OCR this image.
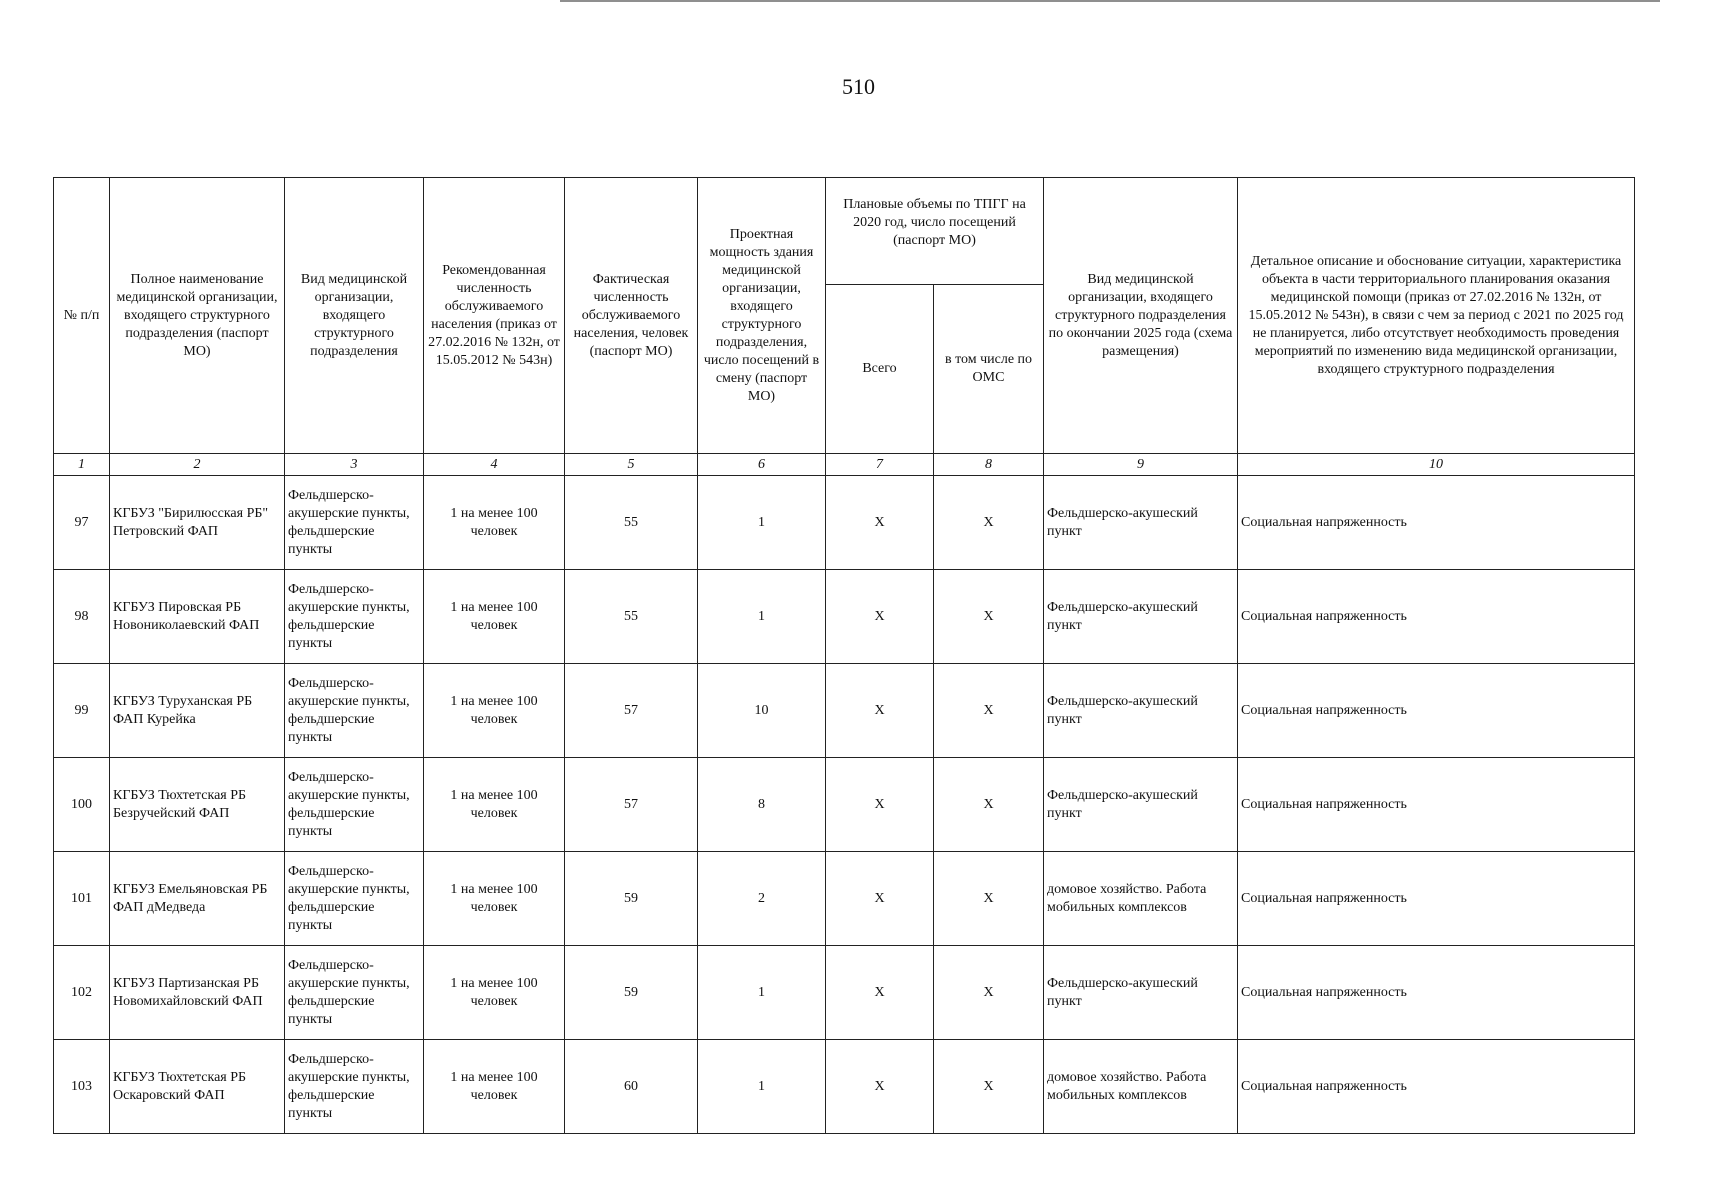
510
№ п/п	Полное наименование медицинской организации, входящего структурного подразделения (паспорт МО)	Вид медицинской организации, входящего структурного подразделения	Рекомендованная численность обслуживаемого населения (приказ от 27.02.2016 № 132н, от 15.05.2012 № 543н)	Фактическая численность обслуживаемого населения, человек (паспорт МО)	Проектная мощность здания медицинской организации, входящего структурного подразделения, число посещений в смену (паспорт МО)	Плановые объемы по ТПГГ на 2020 год, число посещений (паспорт МО)		Вид медицинской организации, входящего структурного подразделения по окончании 2025 года (схема размещения)	Детальное описание и обоснование ситуации, характеристика объекта в части территориального планирования оказания медицинской помощи (приказ от 27.02.2016 № 132н, от 15.05.2012 № 543н), в связи с чем за период с 2021 по 2025 год не планируется, либо отсутствует необходимость проведения мероприятий по изменению вида медицинской организации, входящего структурного подразделения
						Всего	в том числе по ОМС		
1	2	3	4	5	6	7	8	9	10
97	КГБУЗ "Бирилюсская РБ" Петровский ФАП	Фельдшерско-акушерские пункты, фельдшерские пункты	1 на менее 100 человек	55	1	X	X	Фельдшерско-акушеский пункт	Социальная напряженность
98	КГБУЗ Пировская РБ Новониколаевский ФАП	Фельдшерско-акушерские пункты, фельдшерские пункты	1 на менее 100 человек	55	1	X	X	Фельдшерско-акушеский пункт	Социальная напряженность
99	КГБУЗ Туруханская РБ ФАП Курейка	Фельдшерско-акушерские пункты, фельдшерские пункты	1 на менее 100 человек	57	10	X	X	Фельдшерско-акушеский пункт	Социальная напряженность
100	КГБУЗ Тюхтетская РБ Безручейский ФАП	Фельдшерско-акушерские пункты, фельдшерские пункты	1 на менее 100 человек	57	8	X	X	Фельдшерско-акушеский пункт	Социальная напряженность
101	КГБУЗ Емельяновская РБ ФАП дМедведа	Фельдшерско-акушерские пункты, фельдшерские пункты	1 на менее 100 человек	59	2	X	X	домовое хозяйство. Работа мобильных комплексов	Социальная напряженность
102	КГБУЗ Партизанская РБ Новомихайловский ФАП	Фельдшерско-акушерские пункты, фельдшерские пункты	1 на менее 100 человек	59	1	X	X	Фельдшерско-акушеский пункт	Социальная напряженность
103	КГБУЗ Тюхтетская РБ Оскаровский ФАП	Фельдшерско-акушерские пункты, фельдшерские пункты	1 на менее 100 человек	60	1	X	X	домовое хозяйство. Работа мобильных комплексов	Социальная напряженность
